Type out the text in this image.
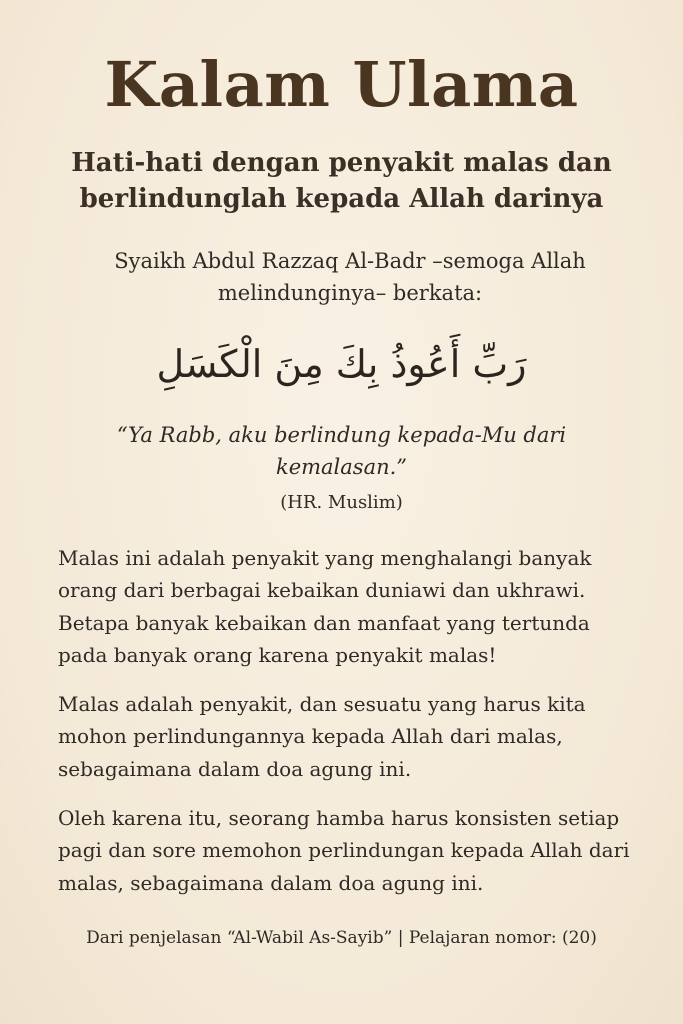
Kalam Ulama
Hati-hati dengan penyakit malas dan berlindunglah kepada Allah darinya

Syaikh Abdul Razzaq Al-Badr –semoga Allah melindunginya– berkata:

رَبِّ أَعُوذُ بِكَ مِنَ الْكَسَلِ

“Ya Rabb, aku berlindung kepada-Mu dari kemalasan.”

(HR. Muslim)

Malas ini adalah penyakit yang menghalangi banyak orang dari berbagai kebaikan duniawi dan ukhrawi. Betapa banyak kebaikan dan manfaat yang tertunda pada banyak orang karena penyakit malas!

Malas adalah penyakit, dan sesuatu yang harus kita mohon perlindungannya kepada Allah dari malas, sebagaimana dalam doa agung ini.

Oleh karena itu, seorang hamba harus konsisten setiap pagi dan sore memohon perlindungan kepada Allah dari malas, sebagaimana dalam doa agung ini.

Dari penjelasan “Al-Wabil As-Sayib” | Pelajaran nomor: (20)
